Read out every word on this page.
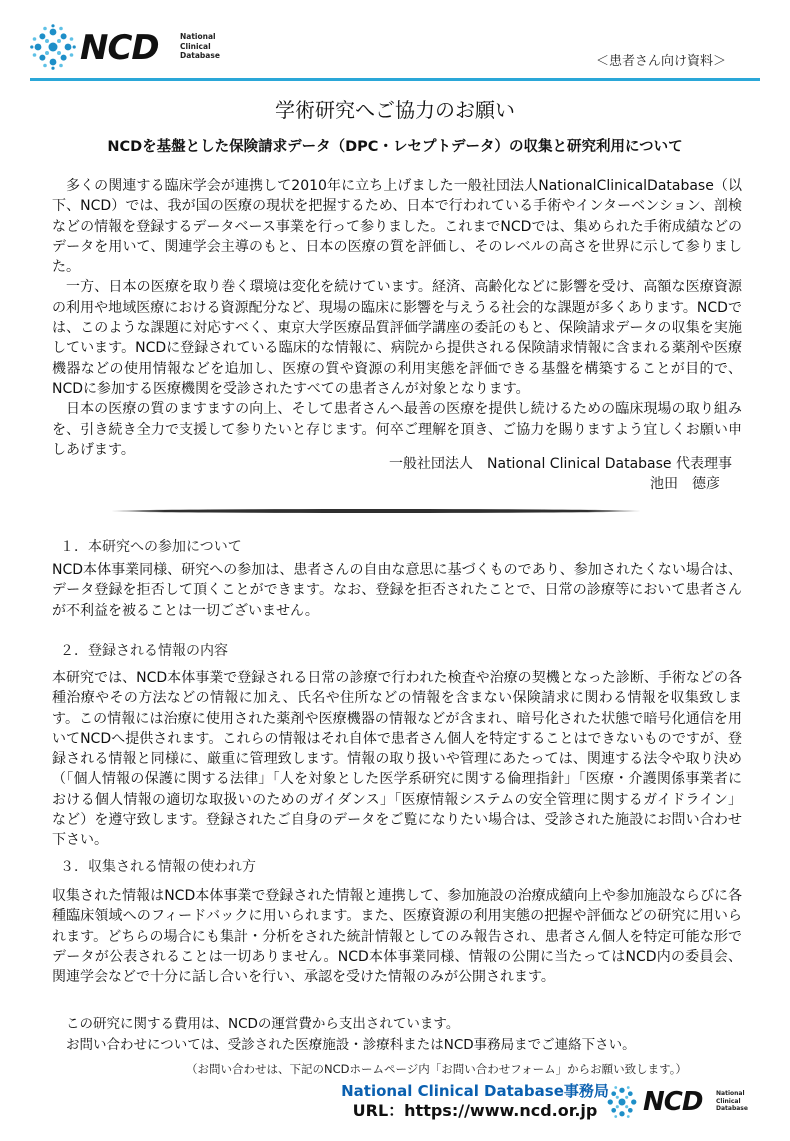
NCD	National
Clinical
Database	＜患者さん向け資料＞
学術研究へご協力のお願い
NCDを基盤とした保険請求データ（DPC・レセプトデータ）の収集と研究利用について

多くの関連する臨床学会が連携して2010年に立ち上げました一般社団法人NationalClinicalDatabase（以下、NCD）では、我が国の医療の現状を把握するため、日本で行われている手術やインターベンション、剖検などの情報を登録するデータベース事業を行って参りました。これまでNCDでは、集められた手術成績などのデータを用いて、関連学会主導のもと、日本の医療の質を評価し、そのレベルの高さを世界に示して参りました。

一方、日本の医療を取り巻く環境は変化を続けています。経済、高齢化などに影響を受け、高額な医療資源の利用や地域医療における資源配分など、現場の臨床に影響を与えうる社会的な課題が多くあります。NCDでは、このような課題に対応すべく、東京大学医療品質評価学講座の委託のもと、保険請求データの収集を実施しています。NCDに登録されている臨床的な情報に、病院から提供される保険請求情報に含まれる薬剤や医療機器などの使用情報などを追加し、医療の質や資源の利用実態を評価できる基盤を構築することが目的で、NCDに参加する医療機関を受診されたすべての患者さんが対象となります。

日本の医療の質のますますの向上、そして患者さんへ最善の医療を提供し続けるための臨床現場の取り組みを、引き続き全力で支援して参りたいと存じます。何卒ご理解を頂き、ご協力を賜りますよう宜しくお願い申しあげます。

一般社団法人　National Clinical Database 代表理事
池田　德彦
１．本研究への参加について
NCD本体事業同様、研究への参加は、患者さんの自由な意思に基づくものであり、参加されたくない場合は、データ登録を拒否して頂くことができます。なお、登録を拒否されたことで、日常の診療等において患者さんが不利益を被ることは一切ございません。
２．登録される情報の内容
本研究では、NCD本体事業で登録される日常の診療で行われた検査や治療の契機となった診断、手術などの各種治療やその方法などの情報に加え、氏名や住所などの情報を含まない保険請求に関わる情報を収集致します。この情報には治療に使用された薬剤や医療機器の情報などが含まれ、暗号化された状態で暗号化通信を用いてNCDへ提供されます。これらの情報はそれ自体で患者さん個人を特定することはできないものですが、登録される情報と同様に、厳重に管理致します。情報の取り扱いや管理にあたっては、関連する法令や取り決め（「個人情報の保護に関する法律」「人を対象とした医学系研究に関する倫理指針」「医療・介護関係事業者における個人情報の適切な取扱いのためのガイダンス」「医療情報システムの安全管理に関するガイドライン」など）を遵守致します。登録されたご自身のデータをご覧になりたい場合は、受診された施設にお問い合わせ下さい。
３．収集される情報の使われ方
収集された情報はNCD本体事業で登録された情報と連携して、参加施設の治療成績向上や参加施設ならびに各種臨床領域へのフィードバックに用いられます。また、医療資源の利用実態の把握や評価などの研究に用いられます。どちらの場合にも集計・分析をされた統計情報としてのみ報告され、患者さん個人を特定可能な形でデータが公表されることは一切ありません。NCD本体事業同様、情報の公開に当たってはNCD内の委員会、関連学会などで十分に話し合いを行い、承認を受けた情報のみが公開されます。
この研究に関する費用は、NCDの運営費から支出されています。
お問い合わせについては、受診された医療施設・診療科またはNCD事務局までご連絡下さい。
（お問い合わせは、下記のNCDホームページ内「お問い合わせフォーム」からお願い致します。）
National Clinical Database事務局
URL：https://www.ncd.or.jp	NCD National
Clinical
Database
